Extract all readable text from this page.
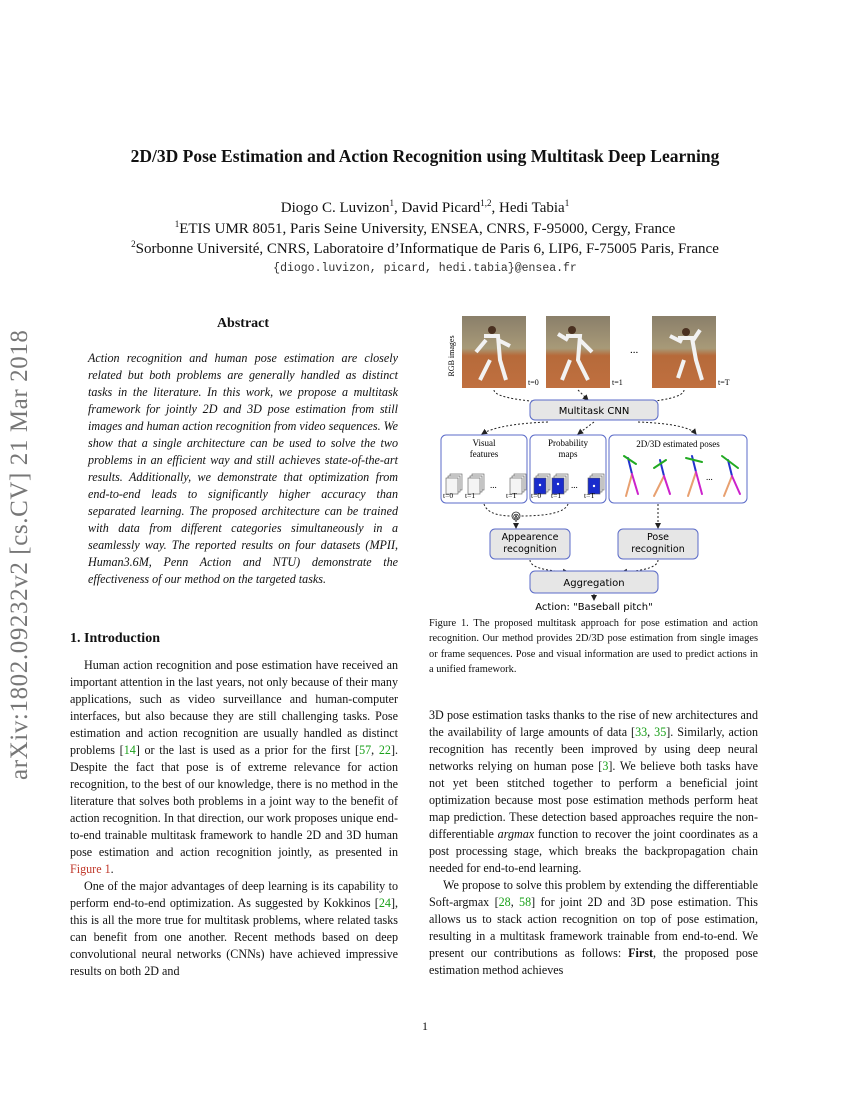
arXiv:1802.09232v2 [cs.CV] 21 Mar 2018
2D/3D Pose Estimation and Action Recognition using Multitask Deep Learning
Diogo C. Luvizon$^1$, David Picard$^{1,2}$, Hedi Tabia$^1$
$^1$ETIS UMR 8051, Paris Seine University, ENSEA, CNRS, F-95000, Cergy, France
$^2$Sorbonne Université, CNRS, Laboratoire d’Informatique de Paris 6, LIP6, F-75005 Paris, France
{diogo.luvizon, picard, hedi.tabia}@ensea.fr
Abstract
Action recognition and human pose estimation are closely related but both problems are generally handled as distinct tasks in the literature. In this work, we propose a multitask framework for jointly 2D and 3D pose estimation from still images and human action recognition from video sequences. We show that a single architecture can be used to solve the two problems in an efficient way and still achieves state-of-the-art results. Additionally, we demonstrate that optimization from end-to-end leads to significantly higher accuracy than separated learning. The proposed architecture can be trained with data from different categories simultaneously in a seamlessly way. The reported results on four datasets (MPII, Human3.6M, Penn Action and NTU) demonstrate the effectiveness of our method on the targeted tasks.
1. Introduction

Human action recognition and pose estimation have received an important attention in the last years, not only because of their many applications, such as video surveillance and human-computer interfaces, but also because they are still challenging tasks. Pose estimation and action recognition are usually handled as distinct problems [14] or the last is used as a prior for the first [57, 22]. Despite the fact that pose is of extreme relevance for action recognition, to the best of our knowledge, there is no method in the literature that solves both problems in a joint way to the benefit of action recognition. In that direction, our work proposes unique end-to-end trainable multitask framework to handle 2D and 3D human pose estimation and action recognition jointly, as presented in Figure 1.

One of the major advantages of deep learning is its capability to perform end-to-end optimization. As suggested by Kokkinos [24], this is all the more true for multitask problems, where related tasks can benefit from one another. Recent methods based on deep convolutional neural networks (CNNs) have achieved impressive results on both 2D and

3D pose estimation tasks thanks to the rise of new architectures and the availability of large amounts of data [33, 35]. Similarly, action recognition has recently been improved by using deep neural networks relying on human pose [3]. We believe both tasks have not yet been stitched together to perform a beneficial joint optimization because most pose estimation methods perform heat map prediction. These detection based approaches require the non-differentiable argmax function to recover the joint coordinates as a post processing stage, which breaks the backpropagation chain needed for end-to-end learning.

We propose to solve this problem by extending the differentiable Soft-argmax [28, 58] for joint 2D and 3D pose estimation. This allows us to stack action recognition on top of pose estimation, resulting in a multitask framework trainable from end-to-end. We present our contributions as follows: First, the proposed pose estimation method achieves

RGB images
t=0	t=1
...
t=T
Multitask CNN
Visual features
...
t=0 t=1	t=T
Probability maps
...
t=0 t=1	t=T
2D/3D estimated poses
...
⊗
Appearence recognition
Pose recognition
Aggregation
Action: "Baseball pitch"
Figure 1. The proposed multitask approach for pose estimation and action recognition. Our method provides 2D/3D pose estimation from single images or frame sequences. Pose and visual information are used to predict actions in a unified framework.
1
